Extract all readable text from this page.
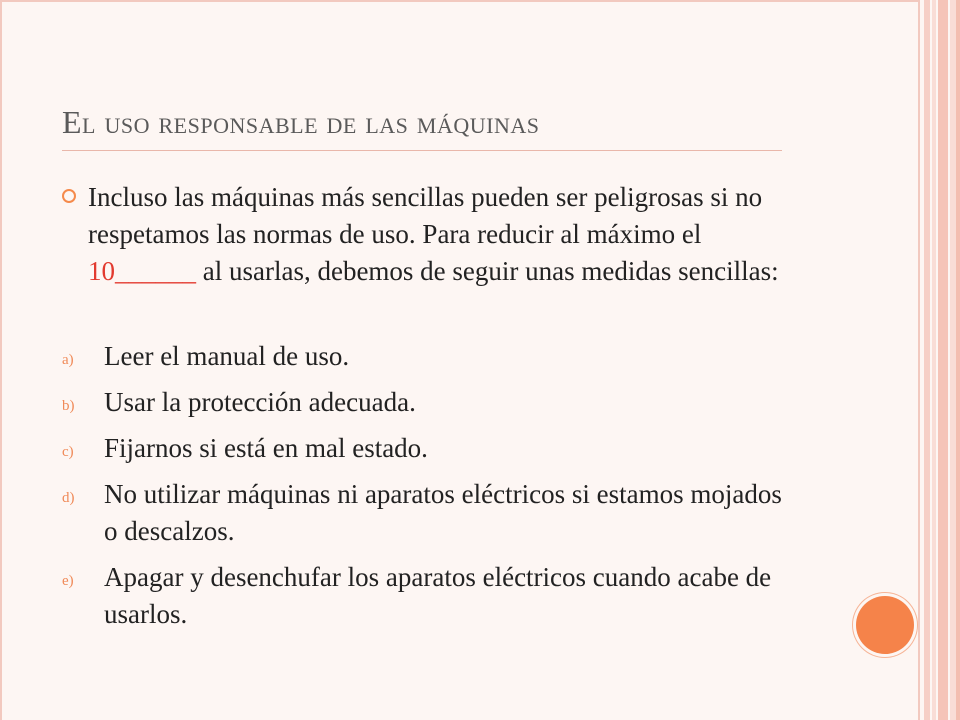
El uso responsable de las máquinas
Incluso las máquinas más sencillas pueden ser peligrosas si no respetamos las normas de uso. Para reducir al máximo el 10______ al usarlas, debemos de seguir unas medidas sencillas:
a) Leer el manual de uso.
b) Usar la protección adecuada.
c) Fijarnos si está en mal estado.
d) No utilizar máquinas ni aparatos eléctricos si estamos mojados o descalzos.
e) Apagar y desenchufar los aparatos eléctricos cuando acabe de usarlos.
